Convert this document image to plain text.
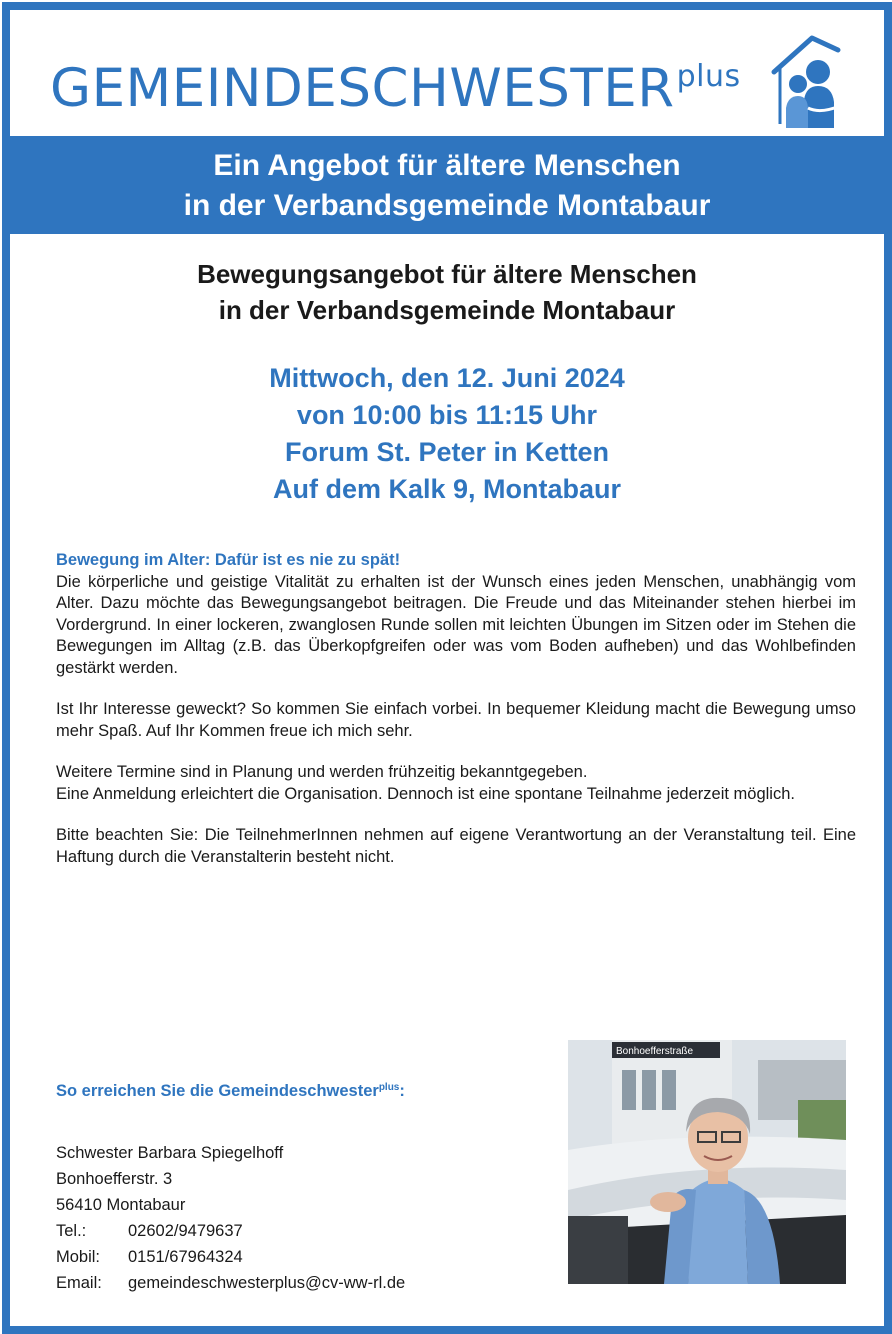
$GEMEINDESCHWESTER^{plus}$
Ein Angebot für ältere Menschen
in der Verbandsgemeinde Montabaur
Bewegungsangebot für ältere Menschen
in der Verbandsgemeinde Montabaur
Mittwoch, den 12. Juni 2024
von 10:00 bis 11:15 Uhr
Forum St. Peter in Ketten
Auf dem Kalk 9, Montabaur
Bewegung im Alter: Dafür ist es nie zu spät!

Die körperliche und geistige Vitalität zu erhalten ist der Wunsch eines jeden Menschen, unabhängig vom Alter. Dazu möchte das Bewegungsangebot beitragen. Die Freude und das Miteinander stehen hierbei im Vordergrund. In einer lockeren, zwanglosen Runde sollen mit leichten Übungen im Sitzen oder im Stehen die Bewegungen im Alltag (z.B. das Überkopfgreifen oder was vom Boden aufheben) und das Wohlbefinden gestärkt werden.

Ist Ihr Interesse geweckt? So kommen Sie einfach vorbei. In bequemer Kleidung macht die Bewegung umso mehr Spaß. Auf Ihr Kommen freue ich mich sehr.

Weitere Termine sind in Planung und werden frühzeitig bekanntgegeben.
Eine Anmeldung erleichtert die Organisation. Dennoch ist eine spontane Teilnahme jederzeit möglich.

Bitte beachten Sie: Die TeilnehmerInnen nehmen auf eigene Verantwortung an der Veranstaltung teil. Eine Haftung durch die Veranstalterin besteht nicht.

So erreichen Sie die Gemeindeschwester$^{plus}$:
Schwester Barbara Spiegelhoff
Bonhoefferstr. 3
56410 Montabaur
Tel.:	02602/9479637
Mobil: 0151/67964324
Email: gemeindeschwesterplus@cv-ww-rl.de
Bonhoefferstraße
